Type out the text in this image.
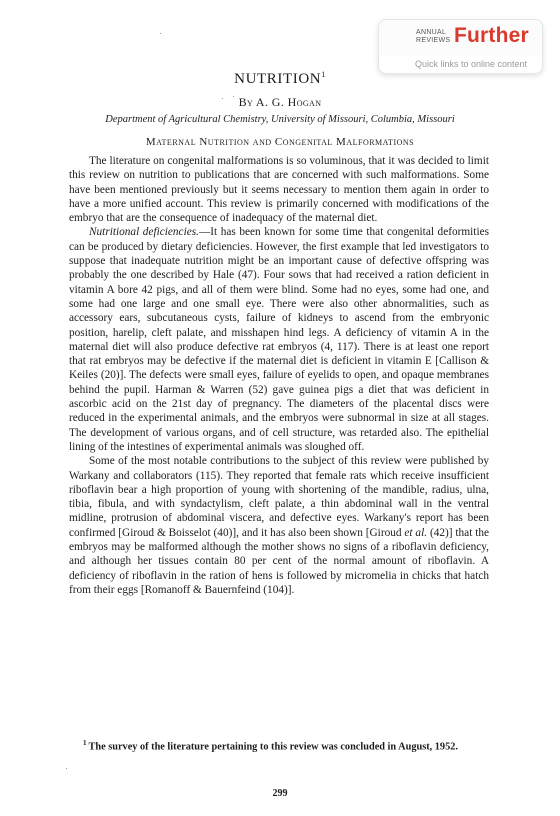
ANNUAL
REVIEWS Further
Quick links to online content
NUTRITION$^1$
By A. G. Hogan
Department of Agricultural Chemistry, University of Missouri, Columbia, Missouri
Maternal Nutrition and Congenital Malformations

The literature on congenital malformations is so voluminous, that it was decided to limit this review on nutrition to publications that are concerned with such malformations. Some have been mentioned previously but it seems necessary to mention them again in order to have a more unified account. This review is primarily concerned with modifications of the embryo that are the consequence of inadequacy of the maternal diet.

Nutritional deficiencies.—It has been known for some time that congenital deformities can be produced by dietary deficiencies. However, the first example that led investigators to suppose that inadequate nutrition might be an important cause of defective offspring was probably the one described by Hale (47). Four sows that had received a ration deficient in vitamin A bore 42 pigs, and all of them were blind. Some had no eyes, some had one, and some had one large and one small eye. There were also other abnormalities, such as accessory ears, subcutaneous cysts, failure of kidneys to ascend from the embryonic position, harelip, cleft palate, and misshapen hind legs. A deficiency of vitamin A in the maternal diet will also produce defective rat embryos (4, 117). There is at least one report that rat embryos may be defective if the maternal diet is deficient in vitamin E [Callison & Keiles (20)]. The defects were small eyes, failure of eyelids to open, and opaque membranes behind the pupil. Harman & Warren (52) gave guinea pigs a diet that was deficient in ascorbic acid on the 21st day of pregnancy. The diameters of the placental discs were reduced in the experimental animals, and the embryos were subnormal in size at all stages. The development of various organs, and of cell structure, was retarded also. The epithelial lining of the intestines of experimental animals was sloughed off.

Some of the most notable contributions to the subject of this review were published by Warkany and collaborators (115). They reported that female rats which receive insufficient riboflavin bear a high proportion of young with shortening of the mandible, radius, ulna, tibia, fibula, and with syndactylism, cleft palate, a thin abdominal wall in the ventral midline, protrusion of abdominal viscera, and defective eyes. Warkany's report has been confirmed [Giroud & Boisselot (40)], and it has also been shown [Giroud et al. (42)] that the embryos may be malformed although the mother shows no signs of a riboflavin deficiency, and although her tissues contain 80 per cent of the normal amount of riboflavin. A deficiency of riboflavin in the ration of hens is followed by micromelia in chicks that hatch from their eggs [Romanoff & Bauernfeind (104)].

$^1$ The survey of the literature pertaining to this review was concluded in August, 1952.
299
